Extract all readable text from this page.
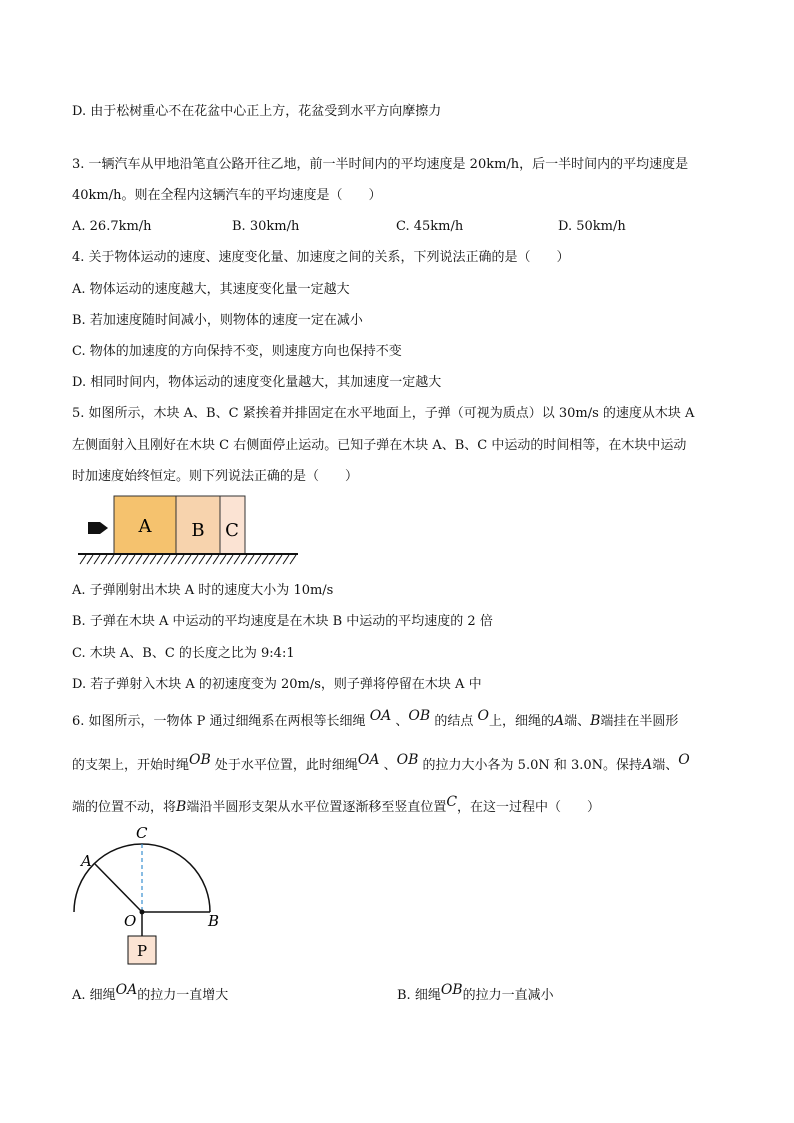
D. 由于松树重心不在花盆中心正上方，花盆受到水平方向摩擦力
3. 一辆汽车从甲地沿笔直公路开往乙地，前一半时间内的平均速度是 20km/h，后一半时间内的平均速度是
40km/h。则在全程内这辆汽车的平均速度是（　　）
A. 26.7km/h	B. 30km/h	C. 45km/h	D. 50km/h
4. 关于物体运动的速度、速度变化量、加速度之间的关系，下列说法正确的是（　　）
A. 物体运动的速度越大，其速度变化量一定越大
B. 若加速度随时间减小，则物体的速度一定在减小
C. 物体的加速度的方向保持不变，则速度方向也保持不变
D. 相同时间内，物体运动的速度变化量越大，其加速度一定越大
5. 如图所示，木块 A、B、C 紧挨着并排固定在水平地面上，子弹（可视为质点）以 30m/s 的速度从木块 A
左侧面射入且刚好在木块 C 右侧面停止运动。已知子弹在木块 A、B、C 中运动的时间相等，在木块中运动
时加速度始终恒定。则下列说法正确的是（　　）
A B C
A. 子弹刚射出木块 A 时的速度大小为 10m/s
B. 子弹在木块 A 中运动的平均速度是在木块 B 中运动的平均速度的 2 倍
C. 木块 A、B、C 的长度之比为 9:4:1
D. 若子弹射入木块 A 的初速度变为 20m/s，则子弹将停留在木块 A 中
6. 如图所示，一物体 P 通过细绳系在两根等长细绳 OA 、OB 的结点 O上，细绳的A端、B端挂在半圆形
的支架上，开始时绳OB 处于水平位置，此时细绳OA 、OB 的拉力大小各为 5.0N 和 3.0N。保持A端、O
端的位置不动，将B端沿半圆形支架从水平位置逐渐移至竖直位置C，在这一过程中（　　）
C
A
O	B
P
A. 细绳OA的拉力一直增大	B. 细绳OB的拉力一直减小
